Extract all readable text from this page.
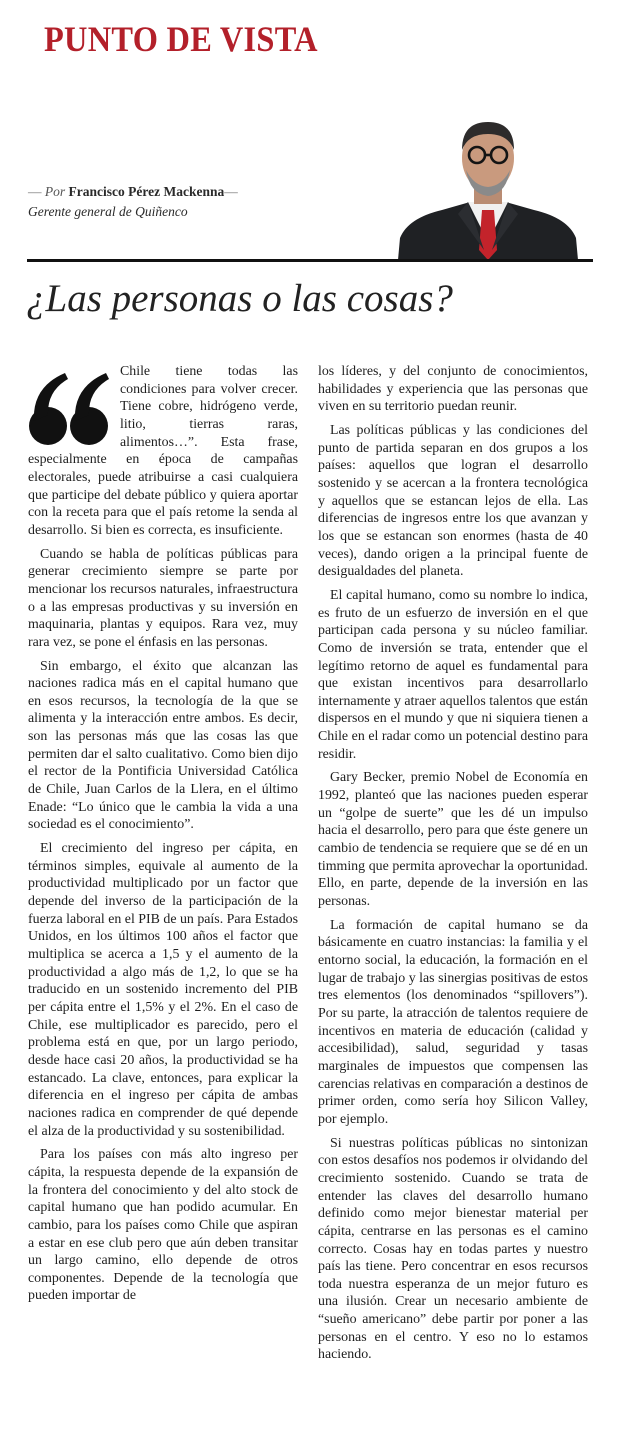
PUNTO DE VISTA
— Por Francisco Pérez Mackenna—
Gerente general de Quiñenco
¿Las personas o las cosas?

Chile tiene todas las condiciones para volver crecer. Tiene cobre, hidrógeno verde, litio, tierras raras, alimentos…”. Esta frase, especialmente en época de campañas electorales, puede atribuirse a casi cualquiera que participe del debate público y quiera aportar con la receta para que el país retome la senda al desarrollo. Si bien es correcta, es insuficiente.

Cuando se habla de políticas públicas para generar crecimiento siempre se parte por mencionar los recursos naturales, infraestructura o a las empresas productivas y su inversión en maquinaria, plantas y equipos. Rara vez, muy rara vez, se pone el énfasis en las personas.

Sin embargo, el éxito que alcanzan las naciones radica más en el capital humano que en esos recursos, la tecnología de la que se alimenta y la interacción entre ambos. Es decir, son las personas más que las cosas las que permiten dar el salto cualitativo. Como bien dijo el rector de la Pontificia Universidad Católica de Chile, Juan Carlos de la Llera, en el último Enade: “Lo único que le cambia la vida a una sociedad es el conocimiento”.

El crecimiento del ingreso per cápita, en términos simples, equivale al aumento de la productividad multiplicado por un factor que depende del inverso de la participación de la fuerza laboral en el PIB de un país. Para Estados Unidos, en los últimos 100 años el factor que multiplica se acerca a 1,5 y el aumento de la productividad a algo más de 1,2, lo que se ha traducido en un sostenido incremento del PIB per cápita entre el 1,5% y el 2%. En el caso de Chile, ese multiplicador es parecido, pero el problema está en que, por un largo periodo, desde hace casi 20 años, la productividad se ha estancado. La clave, entonces, para explicar la diferencia en el ingreso per cápita de ambas naciones radica en comprender de qué depende el alza de la productividad y su sostenibilidad.

Para los países con más alto ingreso per cápita, la respuesta depende de la expansión de la frontera del conocimiento y del alto stock de capital humano que han podido acumular. En cambio, para los países como Chile que aspiran a estar en ese club pero que aún deben transitar un largo camino, ello depende de otros componentes. Depende de la tecnología que pueden importar de

los líderes, y del conjunto de conocimientos, habilidades y experiencia que las personas que viven en su territorio puedan reunir.

Las políticas públicas y las condiciones del punto de partida separan en dos grupos a los países: aquellos que logran el desarrollo sostenido y se acercan a la frontera tecnológica y aquellos que se estancan lejos de ella. Las diferencias de ingresos entre los que avanzan y los que se estancan son enormes (hasta de 40 veces), dando origen a la principal fuente de desigualdades del planeta.

El capital humano, como su nombre lo indica, es fruto de un esfuerzo de inversión en el que participan cada persona y su núcleo familiar. Como de inversión se trata, entender que el legítimo retorno de aquel es fundamental para que existan incentivos para desarrollarlo internamente y atraer aquellos talentos que están dispersos en el mundo y que ni siquiera tienen a Chile en el radar como un potencial destino para residir.

Gary Becker, premio Nobel de Economía en 1992, planteó que las naciones pueden esperar un “golpe de suerte” que les dé un impulso hacia el desarrollo, pero para que éste genere un cambio de tendencia se requiere que se dé en un timming que permita aprovechar la oportunidad. Ello, en parte, depende de la inversión en las personas.

La formación de capital humano se da básicamente en cuatro instancias: la familia y el entorno social, la educación, la formación en el lugar de trabajo y las sinergias positivas de estos tres elementos (los denominados “spillovers”). Por su parte, la atracción de talentos requiere de incentivos en materia de educación (calidad y accesibilidad), salud, seguridad y tasas marginales de impuestos que compensen las carencias relativas en comparación a destinos de primer orden, como sería hoy Silicon Valley, por ejemplo.

Si nuestras políticas públicas no sintonizan con estos desafíos nos podemos ir olvidando del crecimiento sostenido. Cuando se trata de entender las claves del desarrollo humano definido como mejor bienestar material per cápita, centrarse en las personas es el camino correcto. Cosas hay en todas partes y nuestro país las tiene. Pero concentrar en esos recursos toda nuestra esperanza de un mejor futuro es una ilusión. Crear un necesario ambiente de “sueño americano” debe partir por poner a las personas en el centro. Y eso no lo estamos haciendo.
